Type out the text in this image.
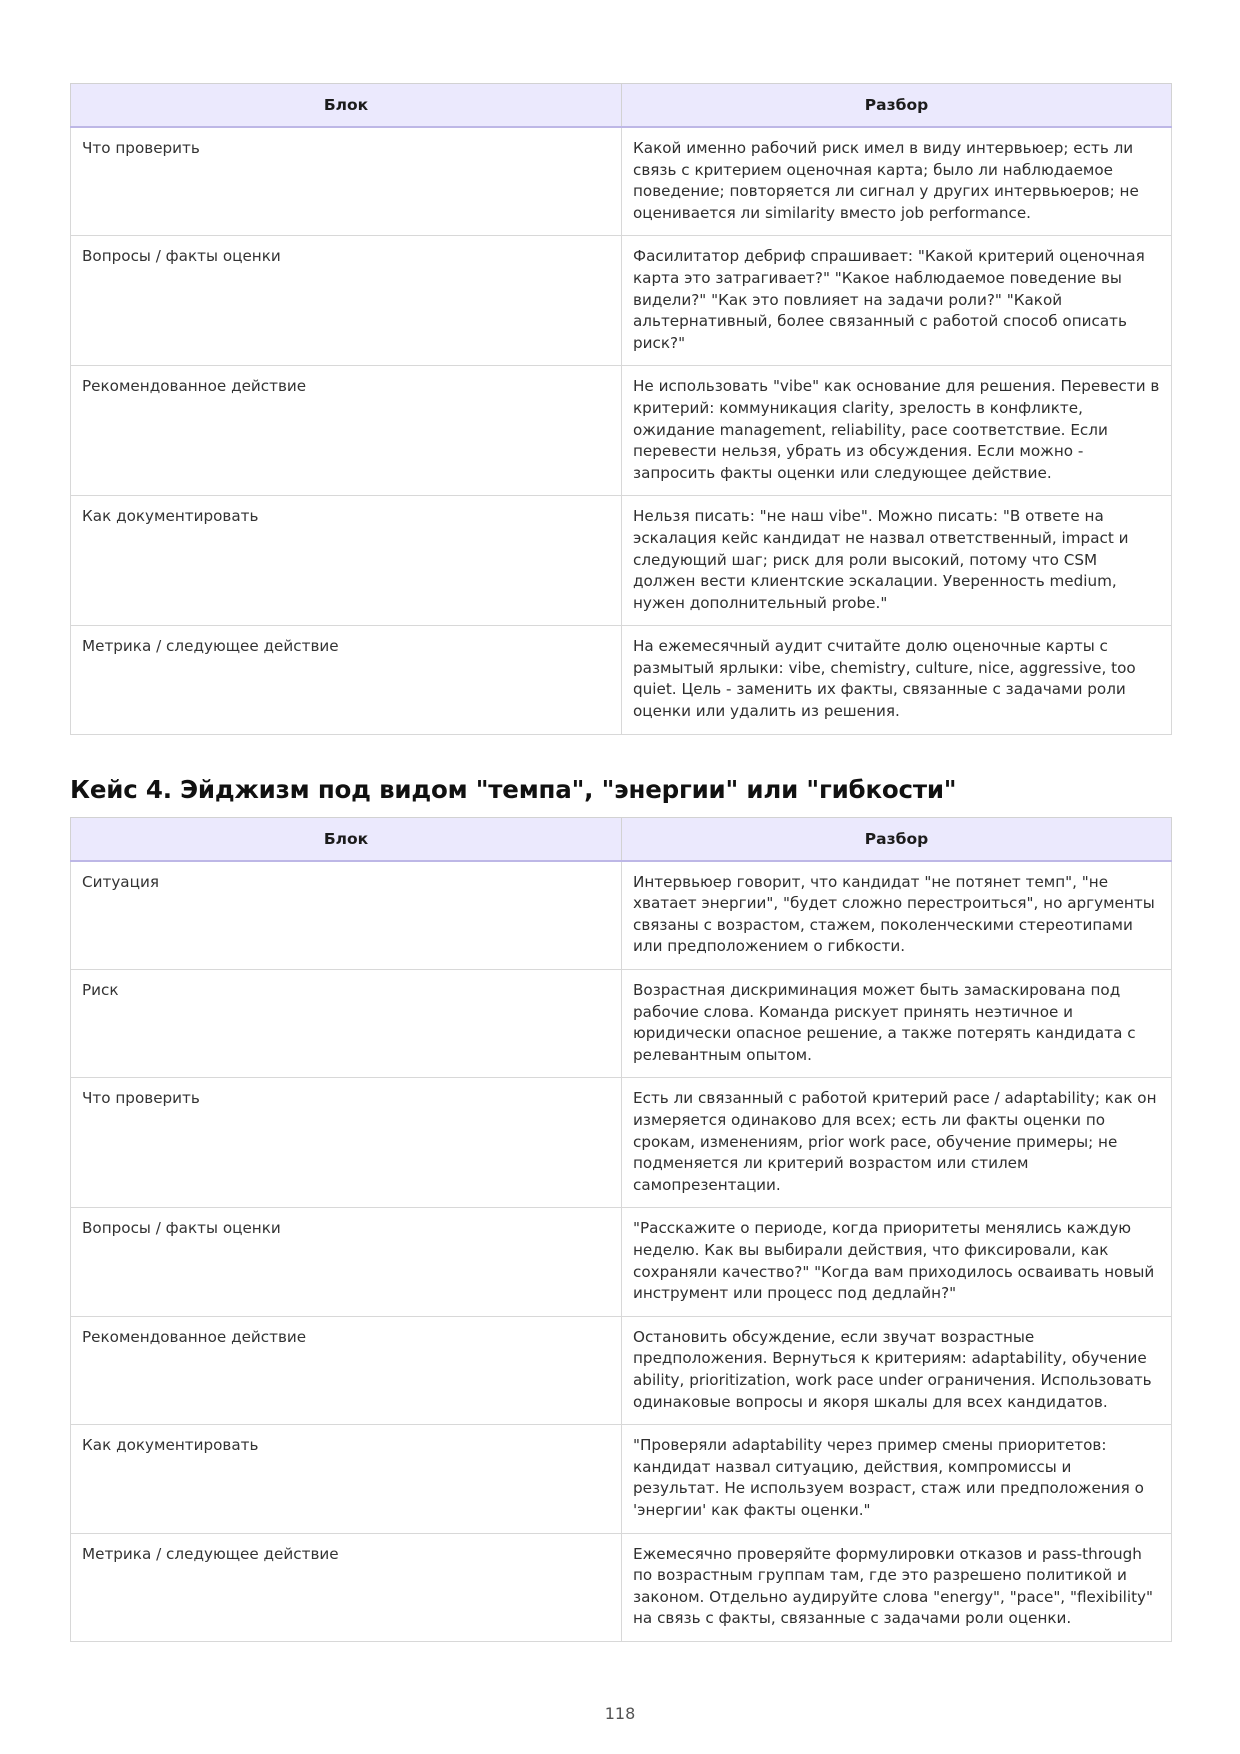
Блок	Разбор
Что проверить	Какой именно рабочий риск имел в виду интервьюер; есть ли связь с критерием оценочная карта; было ли наблюдаемое поведение; повторяется ли сигнал у других интервьюеров; не оценивается ли similarity вместо job performance.
Вопросы / факты оценки	Фасилитатор дебриф спрашивает: "Какой критерий оценочная карта это затрагивает?" "Какое наблюдаемое поведение вы видели?" "Как это повлияет на задачи роли?" "Какой альтернативный, более связанный с работой способ описать риск?"
Рекомендованное действие	Не использовать "vibe" как основание для решения. Перевести в критерий: коммуникация clarity, зрелость в конфликте, ожидание management, reliability, pace соответствие. Если перевести нельзя, убрать из обсуждения. Если можно - запросить факты оценки или следующее действие.
Как документировать	Нельзя писать: "не наш vibe". Можно писать: "В ответе на эскалация кейс кандидат не назвал ответственный, impact и следующий шаг; риск для роли высокий, потому что CSM должен вести клиентские эскалации. Уверенность medium, нужен дополнительный probe."
Метрика / следующее действие	На ежемесячный аудит считайте долю оценочные карты с размытый ярлыки: vibe, chemistry, culture, nice, aggressive, too quiet. Цель - заменить их факты, связанные с задачами роли оценки или удалить из решения.
Кейс 4. Эйджизм под видом "темпа", "энергии" или "гибкости"
Блок	Разбор
Ситуация	Интервьюер говорит, что кандидат "не потянет темп", "не хватает энергии", "будет сложно перестроиться", но аргументы связаны с возрастом, стажем, поколенческими стереотипами или предположением о гибкости.
Риск	Возрастная дискриминация может быть замаскирована под рабочие слова. Команда рискует принять неэтичное и юридически опасное решение, а также потерять кандидата с релевантным опытом.
Что проверить	Есть ли связанный с работой критерий pace / adaptability; как он измеряется одинаково для всех; есть ли факты оценки по срокам, изменениям, prior work pace, обучение примеры; не подменяется ли критерий возрастом или стилем самопрезентации.
Вопросы / факты оценки	"Расскажите о периоде, когда приоритеты менялись каждую неделю. Как вы выбирали действия, что фиксировали, как сохраняли качество?" "Когда вам приходилось осваивать новый инструмент или процесс под дедлайн?"
Рекомендованное действие	Остановить обсуждение, если звучат возрастные предположения. Вернуться к критериям: adaptability, обучение ability, prioritization, work pace under ограничения. Использовать одинаковые вопросы и якоря шкалы для всех кандидатов.
Как документировать	"Проверяли adaptability через пример смены приоритетов: кандидат назвал ситуацию, действия, компромиссы и результат. Не используем возраст, стаж или предположения о 'энергии' как факты оценки."
Метрика / следующее действие	Ежемесячно проверяйте формулировки отказов и pass-through по возрастным группам там, где это разрешено политикой и законом. Отдельно аудируйте слова "energy", "pace", "flexibility" на связь с факты, связанные с задачами роли оценки.
118
